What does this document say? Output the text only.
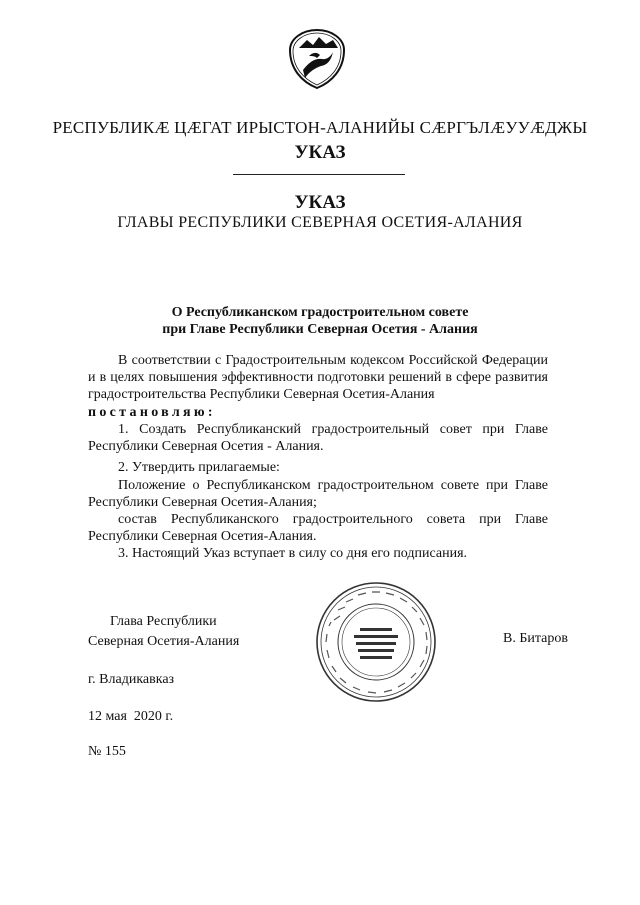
РЕСПУБЛИКӔ ЦӔГАТ ИРЫСТОН-АЛАНИЙЫ СӔРГЪЛӔУУӔДЖЫ
УКАЗ
УКАЗ
ГЛАВЫ РЕСПУБЛИКИ СЕВЕРНАЯ ОСЕТИЯ-АЛАНИЯ
О Республиканском градостроительном совете
при Главе Республики Северная Осетия - Алания
В соответствии с Градостроительным кодексом Российской Федерации и в целях повышения эффективности подготовки решений в сфере развития градостроительства Республики Северная Осетия-Алания
постановляю:
1. Создать Республиканский градостроительный совет при Главе Республики Северная Осетия - Алания.
2. Утвердить прилагаемые:
Положение о Республиканском градостроительном совете при Главе Республики Северная Осетия-Алания;
состав Республиканского градостроительного совета при Главе Республики Северная Осетия-Алания.
3. Настоящий Указ вступает в силу со дня его подписания.
Глава Республики
Северная Осетия-Алания	В. Битаров
г. Владикавказ
12 мая  2020 г.
№ 155
